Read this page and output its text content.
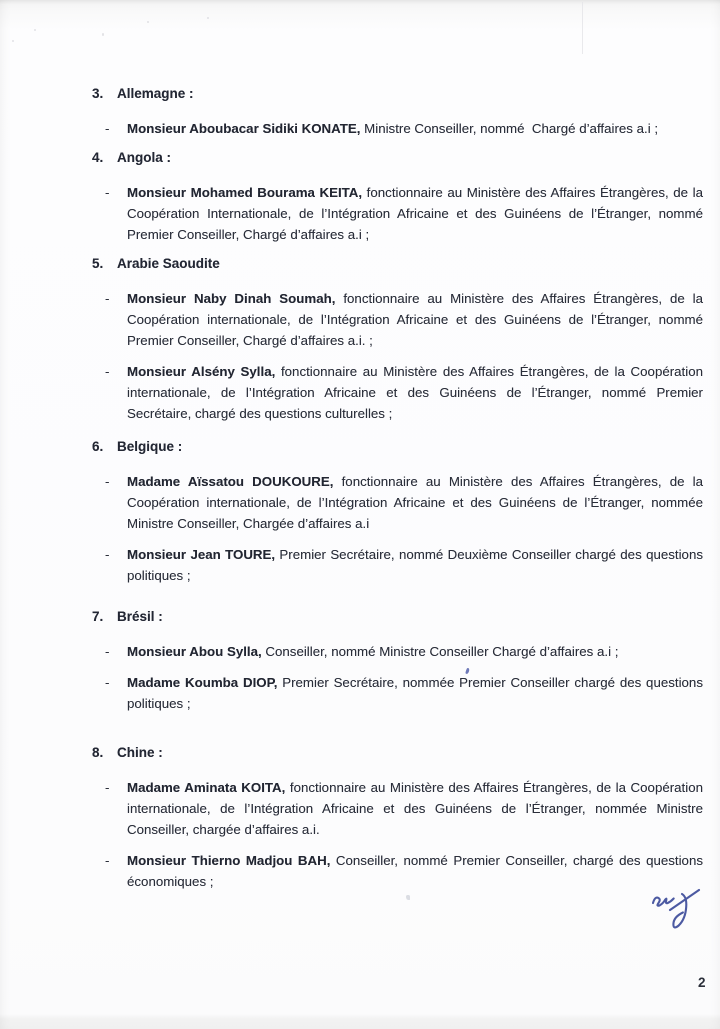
3.	Allemagne :
-	Monsieur Aboubacar Sidiki KONATE, Ministre Conseiller, nommé  Chargé d’affaires a.i ;

4.	Angola :
-	Monsieur Mohamed Bourama KEITA, fonctionnaire au Ministère des Affaires Étrangères, de la Coopération Internationale, de l’Intégration Africaine et des Guinéens de l’Étranger, nommé Premier Conseiller, Chargé d’affaires a.i ;

5.	Arabie Saoudite
-	Monsieur Naby Dinah Soumah, fonctionnaire au Ministère des Affaires Étrangères, de la Coopération internationale, de l’Intégration Africaine et des Guinéens de l’Étranger, nommé Premier Conseiller, Chargé d’affaires a.i. ;

-	Monsieur Alsény Sylla, fonctionnaire au Ministère des Affaires Étrangères, de la Coopération internationale, de l’Intégration Africaine et des Guinéens de l’Étranger, nommé Premier Secrétaire, chargé des questions culturelles ;

6.	Belgique :
-	Madame Aïssatou DOUKOURE, fonctionnaire au Ministère des Affaires Étrangères, de la Coopération internationale, de l’Intégration Africaine et des Guinéens de l’Étranger, nommée Ministre Conseiller, Chargée d’affaires a.i

-	Monsieur Jean TOURE, Premier Secrétaire, nommé Deuxième Conseiller chargé des questions politiques ;

7.	Brésil :
-	Monsieur Abou Sylla, Conseiller, nommé Ministre Conseiller Chargé d’affaires a.i ;

-	Madame Koumba DIOP, Premier Secrétaire, nommée Premier Conseiller chargé des questions politiques ;

8.	Chine :
-	Madame Aminata KOITA, fonctionnaire au Ministère des Affaires Étrangères, de la Coopération internationale, de l’Intégration Africaine et des Guinéens de l’Étranger, nommée Ministre Conseiller, chargée d’affaires a.i.

-	Monsieur Thierno Madjou BAH, Conseiller, nommé Premier Conseiller, chargé des questions économiques ;

2
